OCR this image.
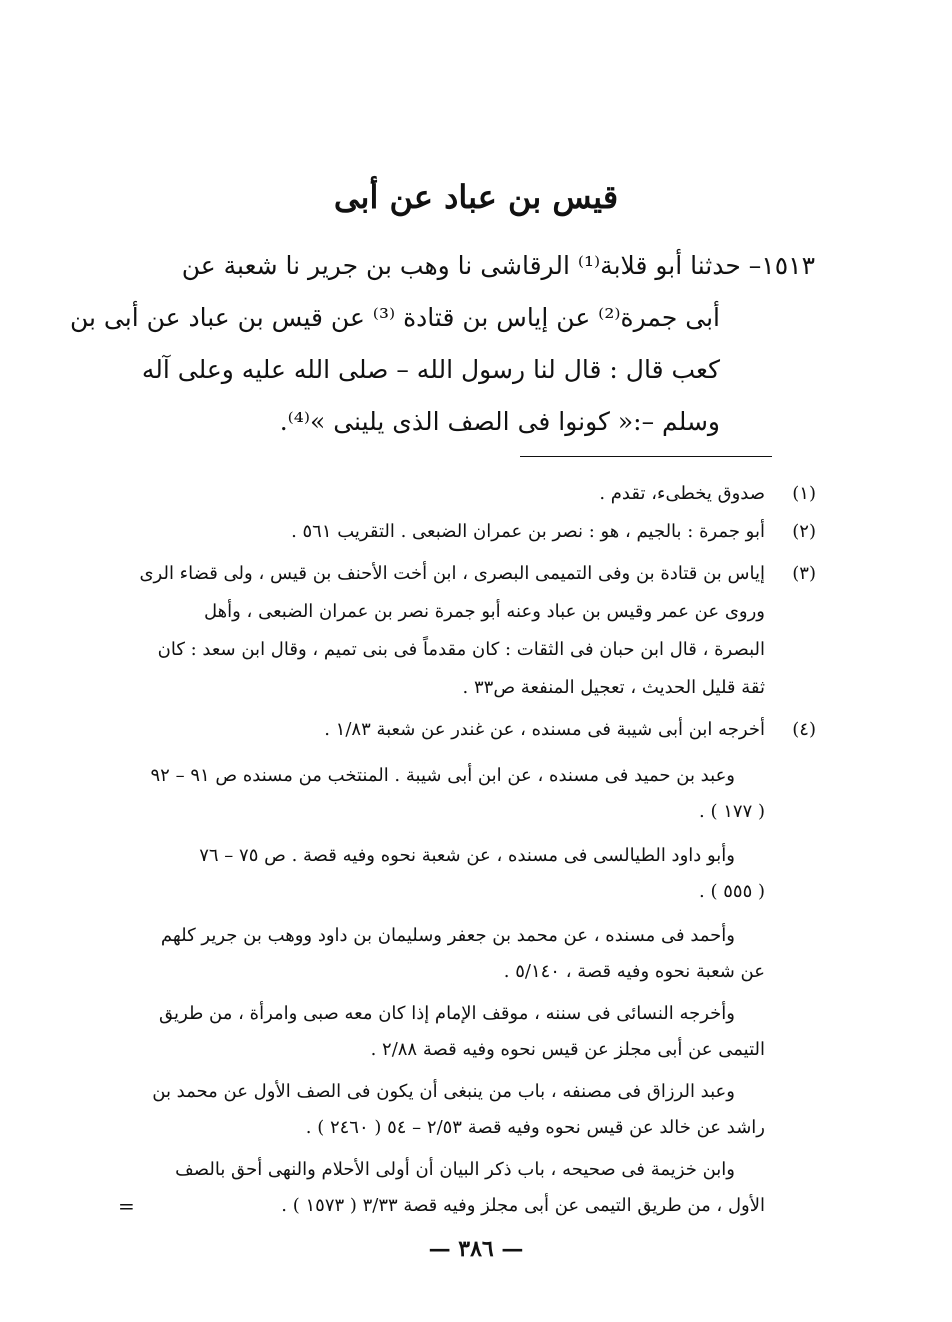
قيس بن عباد عن أبى
١٥١٣– حدثنا أبو قلابة⁽¹⁾ الرقاشى نا وهب بن جرير نا شعبة عن
أبى جمرة⁽²⁾ عن إياس بن قتادة ⁽³⁾ عن قيس بن عباد عن أبى بن
كعب قال : قال لنا رسول الله – صلى الله عليه وعلى آله
وسلم –:« كونوا فى الصف الذى يلينى »⁽⁴⁾.
(١)
صدوق يخطىء، تقدم .
(٢)
أبو جمرة : بالجيم ، هو : نصر بن عمران الضبعى . التقريب ٥٦١ .
(٣)
إياس بن قتادة بن وفى التميمى البصرى ، ابن أخت الأحنف بن قيس ، ولى قضاء الرى
وروى عن عمر وقيس بن عباد وعنه أبو جمرة نصر بن عمران الضبعى ، وأهل
البصرة ، قال ابن حبان فى الثقات : كان مقدماً فى بنى تميم ، وقال ابن سعد : كان
ثقة قليل الحديث ، تعجيل المنفعة ص٣٣ .
(٤)
أخرجه ابن أبى شيبة فى مسنده ، عن غندر عن شعبة ١/٨٣ .
وعبد بن حميد فى مسنده ، عن ابن أبى شيبة . المنتخب من مسنده ص ٩١ – ٩٢
( ١٧٧ ) .
وأبو داود الطيالسى فى مسنده ، عن شعبة نحوه وفيه قصة . ص ٧٥ – ٧٦
( ٥٥٥ ) .
وأحمد فى مسنده ، عن محمد بن جعفر وسليمان بن داود ووهب بن جرير كلهم
عن شعبة نحوه وفيه قصة ، ٥/١٤٠ .
وأخرجه النسائى فى سننه ، موقف الإمام إذا كان معه صبى وامرأة ، من طريق
التيمى عن أبى مجلز عن قيس نحوه وفيه قصة ٢/٨٨ .
وعبد الرزاق فى مصنفه ، باب من ينبغى أن يكون فى الصف الأول عن محمد بن
راشد عن خالد عن قيس نحوه وفيه قصة ٢/٥٣ – ٥٤ ( ٢٤٦٠ ) .
وابن خزيمة فى صحيحه ، باب ذكر البيان أن أولى الأحلام والنهى أحق بالصف
الأول ، من طريق التيمى عن أبى مجلز وفيه قصة ٣/٣٣ ( ١٥٧٣ ) .
=
— ٣٨٦ —
